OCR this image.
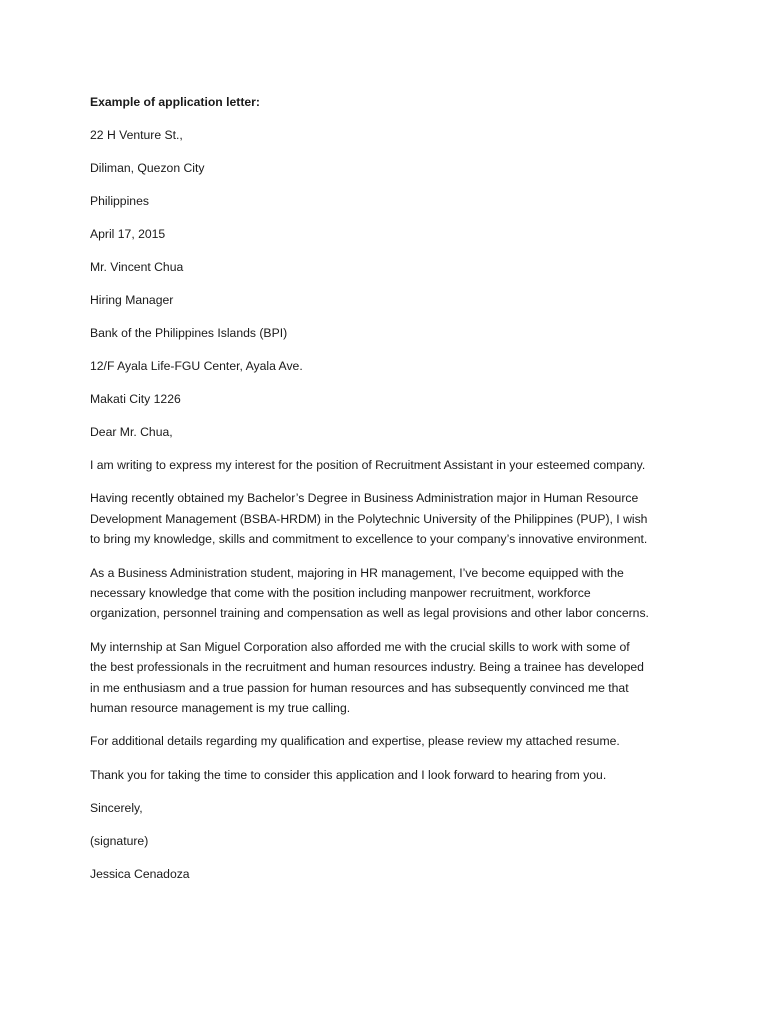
Example of application letter:
22 H Venture St.,
Diliman, Quezon City
Philippines
April 17, 2015
Mr. Vincent Chua
Hiring Manager
Bank of the Philippines Islands (BPI)
12/F Ayala Life-FGU Center, Ayala Ave.
Makati City 1226
Dear Mr. Chua,
I am writing to express my interest for the position of Recruitment Assistant in your esteemed company.
Having recently obtained my Bachelor’s Degree in Business Administration major in Human Resource
Development Management (BSBA-HRDM) in the Polytechnic University of the Philippines (PUP), I wish
to bring my knowledge, skills and commitment to excellence to your company’s innovative environment.
As a Business Administration student, majoring in HR management, I’ve become equipped with the
necessary knowledge that come with the position including manpower recruitment, workforce
organization, personnel training and compensation as well as legal provisions and other labor concerns.
My internship at San Miguel Corporation also afforded me with the crucial skills to work with some of
the best professionals in the recruitment and human resources industry. Being a trainee has developed
in me enthusiasm and a true passion for human resources and has subsequently convinced me that
human resource management is my true calling.
For additional details regarding my qualification and expertise, please review my attached resume.
Thank you for taking the time to consider this application and I look forward to hearing from you.
Sincerely,
(signature)
Jessica Cenadoza
